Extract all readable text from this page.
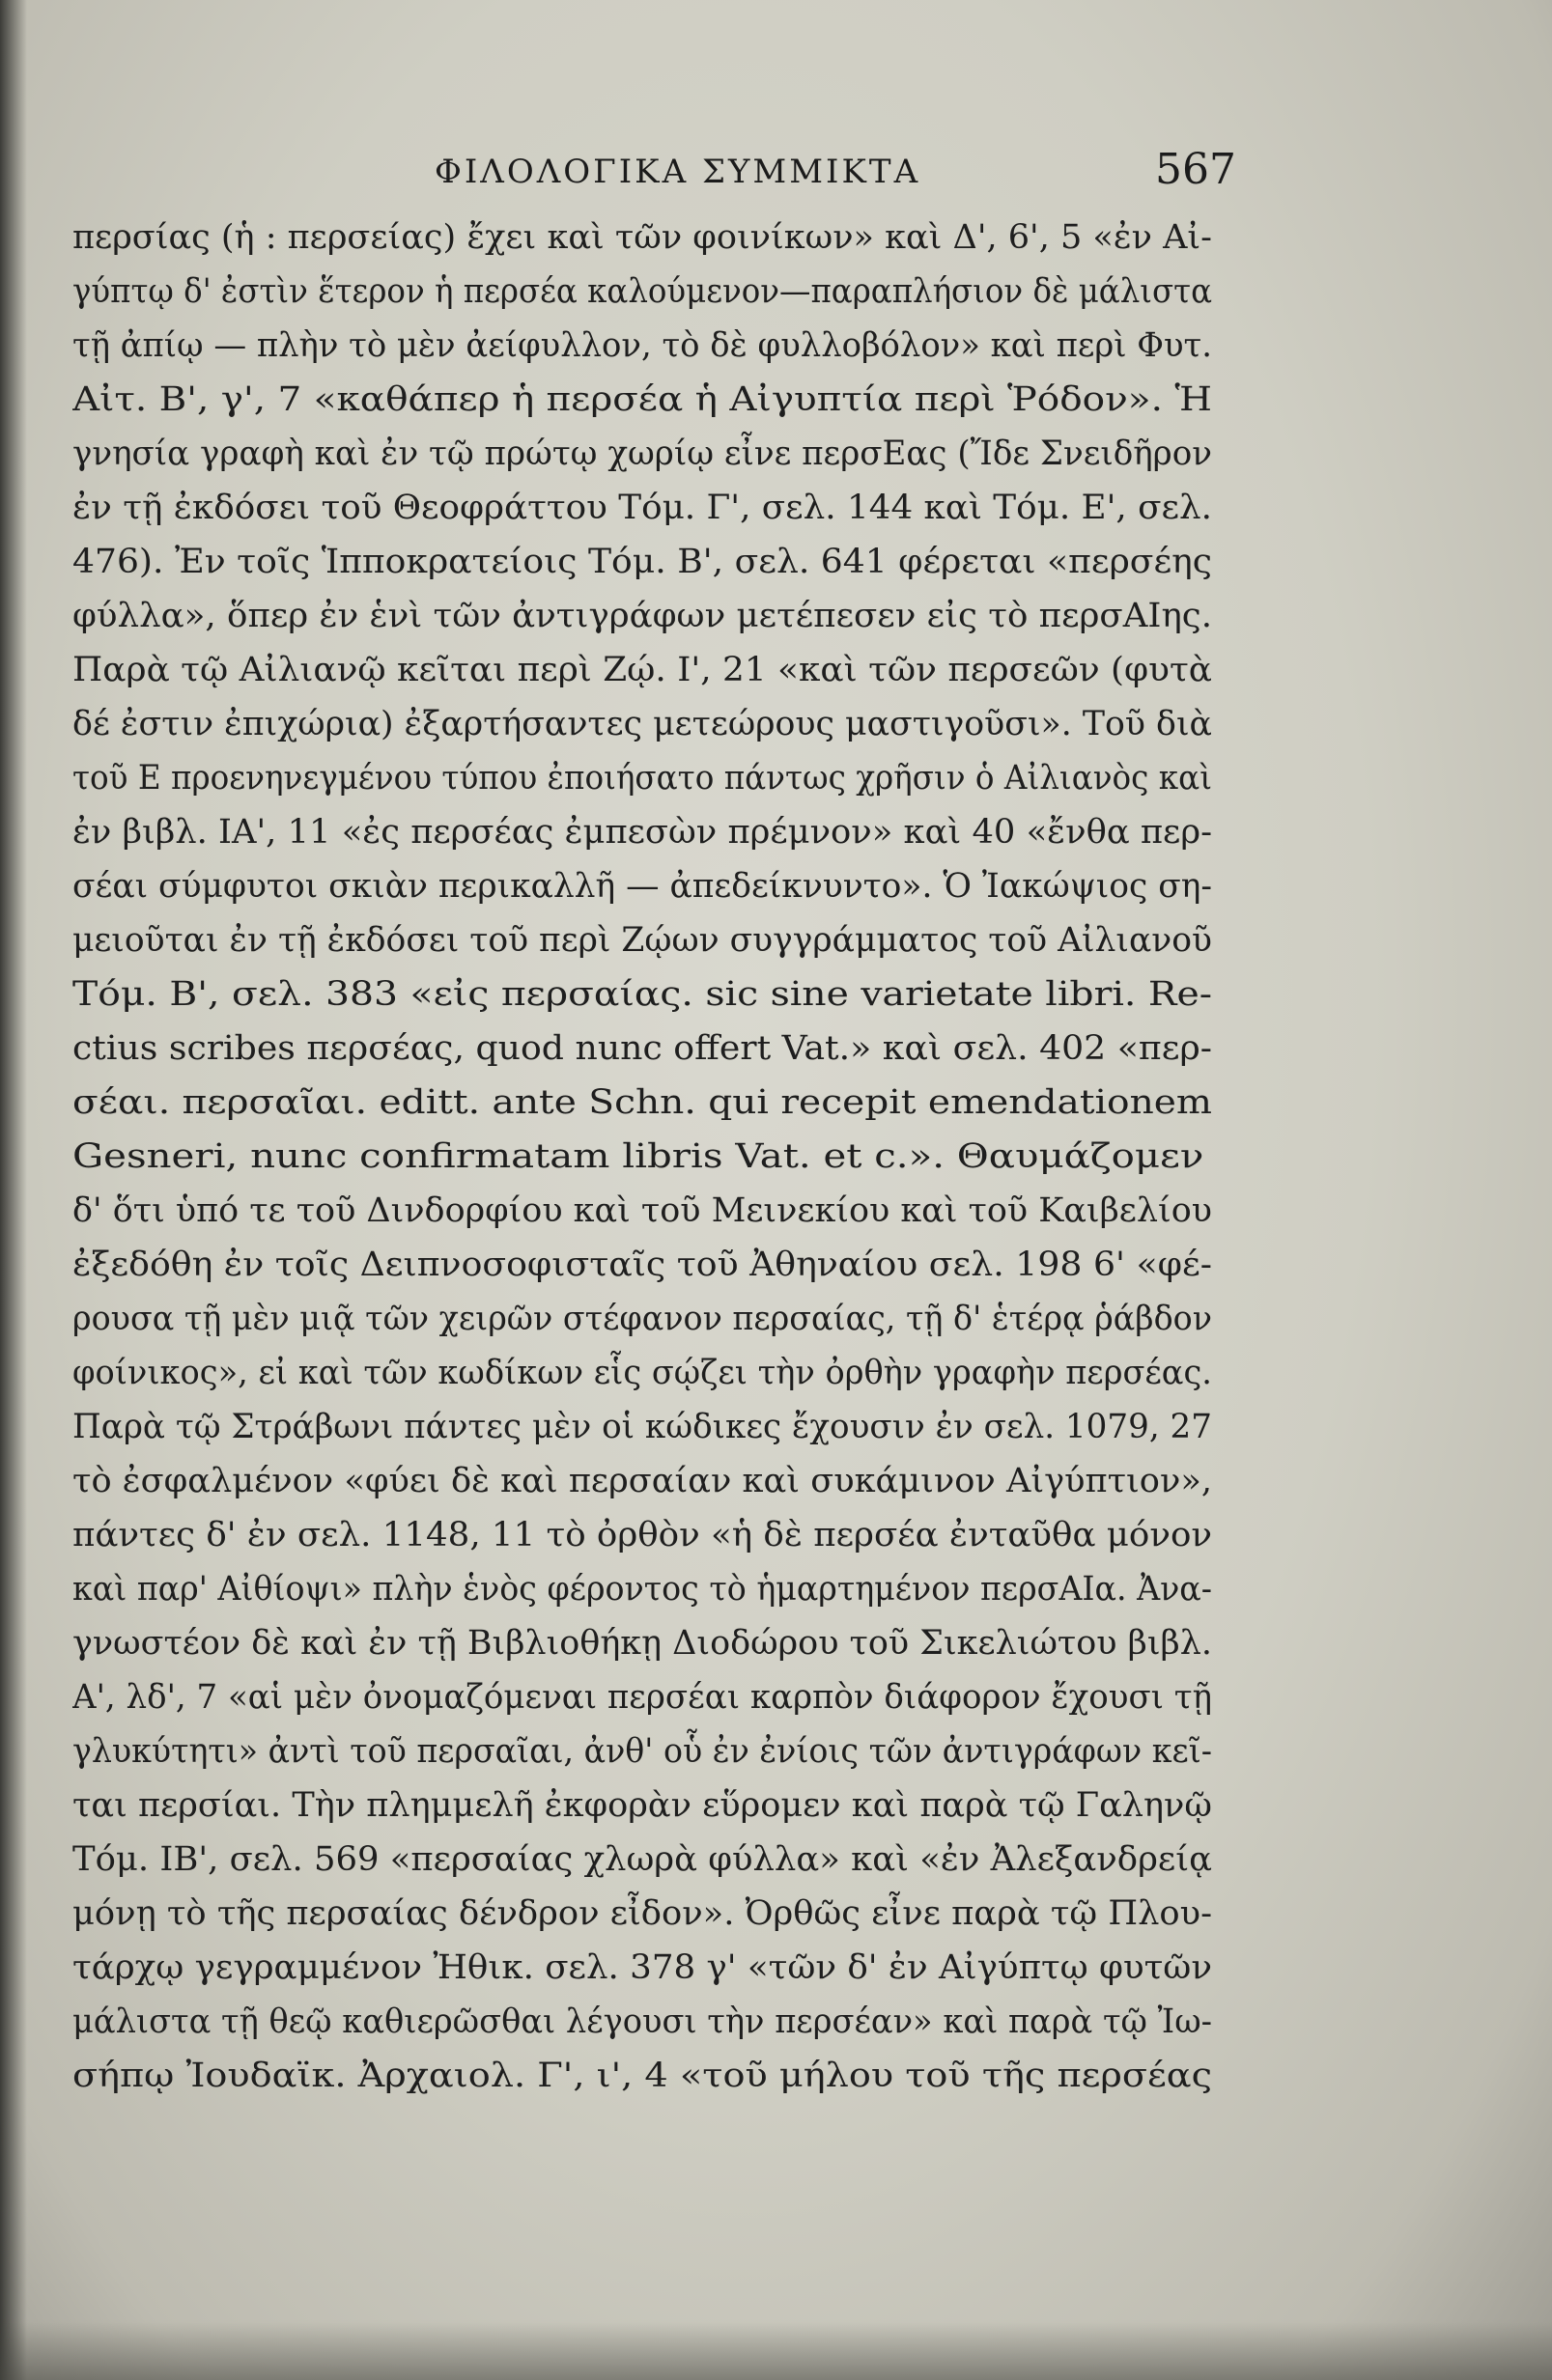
ΦΙΛΟΛΟΓΙΚΑ ΣΥΜΜΙΚΤΑ	567
περσίας (ἡ : περσείας) ἔχει καὶ τῶν φοινίκων» καὶ Δ', 6', 5 «ἐν Αἰ-
γύπτῳ δ' ἐστὶν ἕτερον ἡ περσέα καλούμενον—παραπλήσιον δὲ μάλιστα
τῇ ἀπίῳ — πλὴν τὸ μὲν ἀείφυλλον, τὸ δὲ φυλλοβόλον» καὶ περὶ Φυτ.
Αἰτ. Β', γ', 7 «καθάπερ ἡ περσέα ἡ Αἰγυπτία περὶ Ῥόδον». Ἡ
γνησία γραφὴ καὶ ἐν τῷ πρώτῳ χωρίῳ εἶνε περσΕας (Ἴδε Σνειδῆρον
ἐν τῇ ἐκδόσει τοῦ Θεοφράττου Τόμ. Γ', σελ. 144 καὶ Τόμ. Ε', σελ.
476). Ἐν τοῖς Ἱπποκρατείοις Τόμ. Β', σελ. 641 φέρεται «περσέης
φύλλα», ὅπερ ἐν ἑνὶ τῶν ἀντιγράφων μετέπεσεν εἰς τὸ περσΑΙης.
Παρὰ τῷ Αἰλιανῷ κεῖται περὶ Ζῴ. Ι', 21 «καὶ τῶν περσεῶν (φυτὰ
δέ ἐστιν ἐπιχώρια) ἐξαρτήσαντες μετεώρους μαστιγοῦσι». Τοῦ διὰ
τοῦ Ε προενηνεγμένου τύπου ἐποιήσατο πάντως χρῆσιν ὁ Αἰλιανὸς καὶ
ἐν βιβλ. ΙΑ', 11 «ἐς περσέας ἐμπεσὼν πρέμνον» καὶ 40 «ἔνθα περ-
σέαι σύμφυτοι σκιὰν περικαλλῆ — ἀπεδείκνυντο». Ὁ Ἰακώψιος ση-
μειοῦται ἐν τῇ ἐκδόσει τοῦ περὶ Ζῴων συγγράμματος τοῦ Αἰλιανοῦ
Τόμ. Β', σελ. 383 «εἰς περσαίας. sic sine varietate libri. Re-
ctius scribes περσέας, quod nunc offert Vat.» καὶ σελ. 402 «περ-
σέαι. περσαῖαι. editt. ante Schn. qui recepit emendationem
Gesneri, nunc confirmatam libris Vat. et c.». Θαυμάζομεν
δ' ὅτι ὑπό τε τοῦ Δινδορφίου καὶ τοῦ Μεινεκίου καὶ τοῦ Καιβελίου
ἐξεδόθη ἐν τοῖς Δειπνοσοφισταῖς τοῦ Ἀθηναίου σελ. 198 6' «φέ-
ρουσα τῇ μὲν μιᾷ τῶν χειρῶν στέφανον περσαίας, τῇ δ' ἑτέρᾳ ῥάβδον
φοίνικος», εἰ καὶ τῶν κωδίκων εἷς σῴζει τὴν ὀρθὴν γραφὴν περσέας.
Παρὰ τῷ Στράβωνι πάντες μὲν οἱ κώδικες ἔχουσιν ἐν σελ. 1079, 27
τὸ ἐσφαλμένον «φύει δὲ καὶ περσαίαν καὶ συκάμινον Αἰγύπτιον»,
πάντες δ' ἐν σελ. 1148, 11 τὸ ὀρθὸν «ἡ δὲ περσέα ἐνταῦθα μόνον
καὶ παρ' Αἰθίοψι» πλὴν ἑνὸς φέροντος τὸ ἡμαρτημένον περσΑΙα. Ἀνα-
γνωστέον δὲ καὶ ἐν τῇ Βιβλιοθήκῃ Διοδώρου τοῦ Σικελιώτου βιβλ.
Α', λδ', 7 «αἱ μὲν ὀνομαζόμεναι περσέαι καρπὸν διάφορον ἔχουσι τῇ
γλυκύτητι» ἀντὶ τοῦ περσαῖαι, ἀνθ' οὗ ἐν ἐνίοις τῶν ἀντιγράφων κεῖ-
ται περσίαι. Τὴν πλημμελῆ ἐκφορὰν εὕρομεν καὶ παρὰ τῷ Γαληνῷ
Τόμ. ΙΒ', σελ. 569 «περσαίας χλωρὰ φύλλα» καὶ «ἐν Ἀλεξανδρείᾳ
μόνῃ τὸ τῆς περσαίας δένδρον εἶδον». Ὀρθῶς εἶνε παρὰ τῷ Πλου-
τάρχῳ γεγραμμένον Ἠθικ. σελ. 378 γ' «τῶν δ' ἐν Αἰγύπτῳ φυτῶν
μάλιστα τῇ θεῷ καθιερῶσθαι λέγουσι τὴν περσέαν» καὶ παρὰ τῷ Ἰω-
σήπῳ Ἰουδαϊκ. Ἀρχαιολ. Γ', ι', 4 «τοῦ μήλου τοῦ τῆς περσέας
